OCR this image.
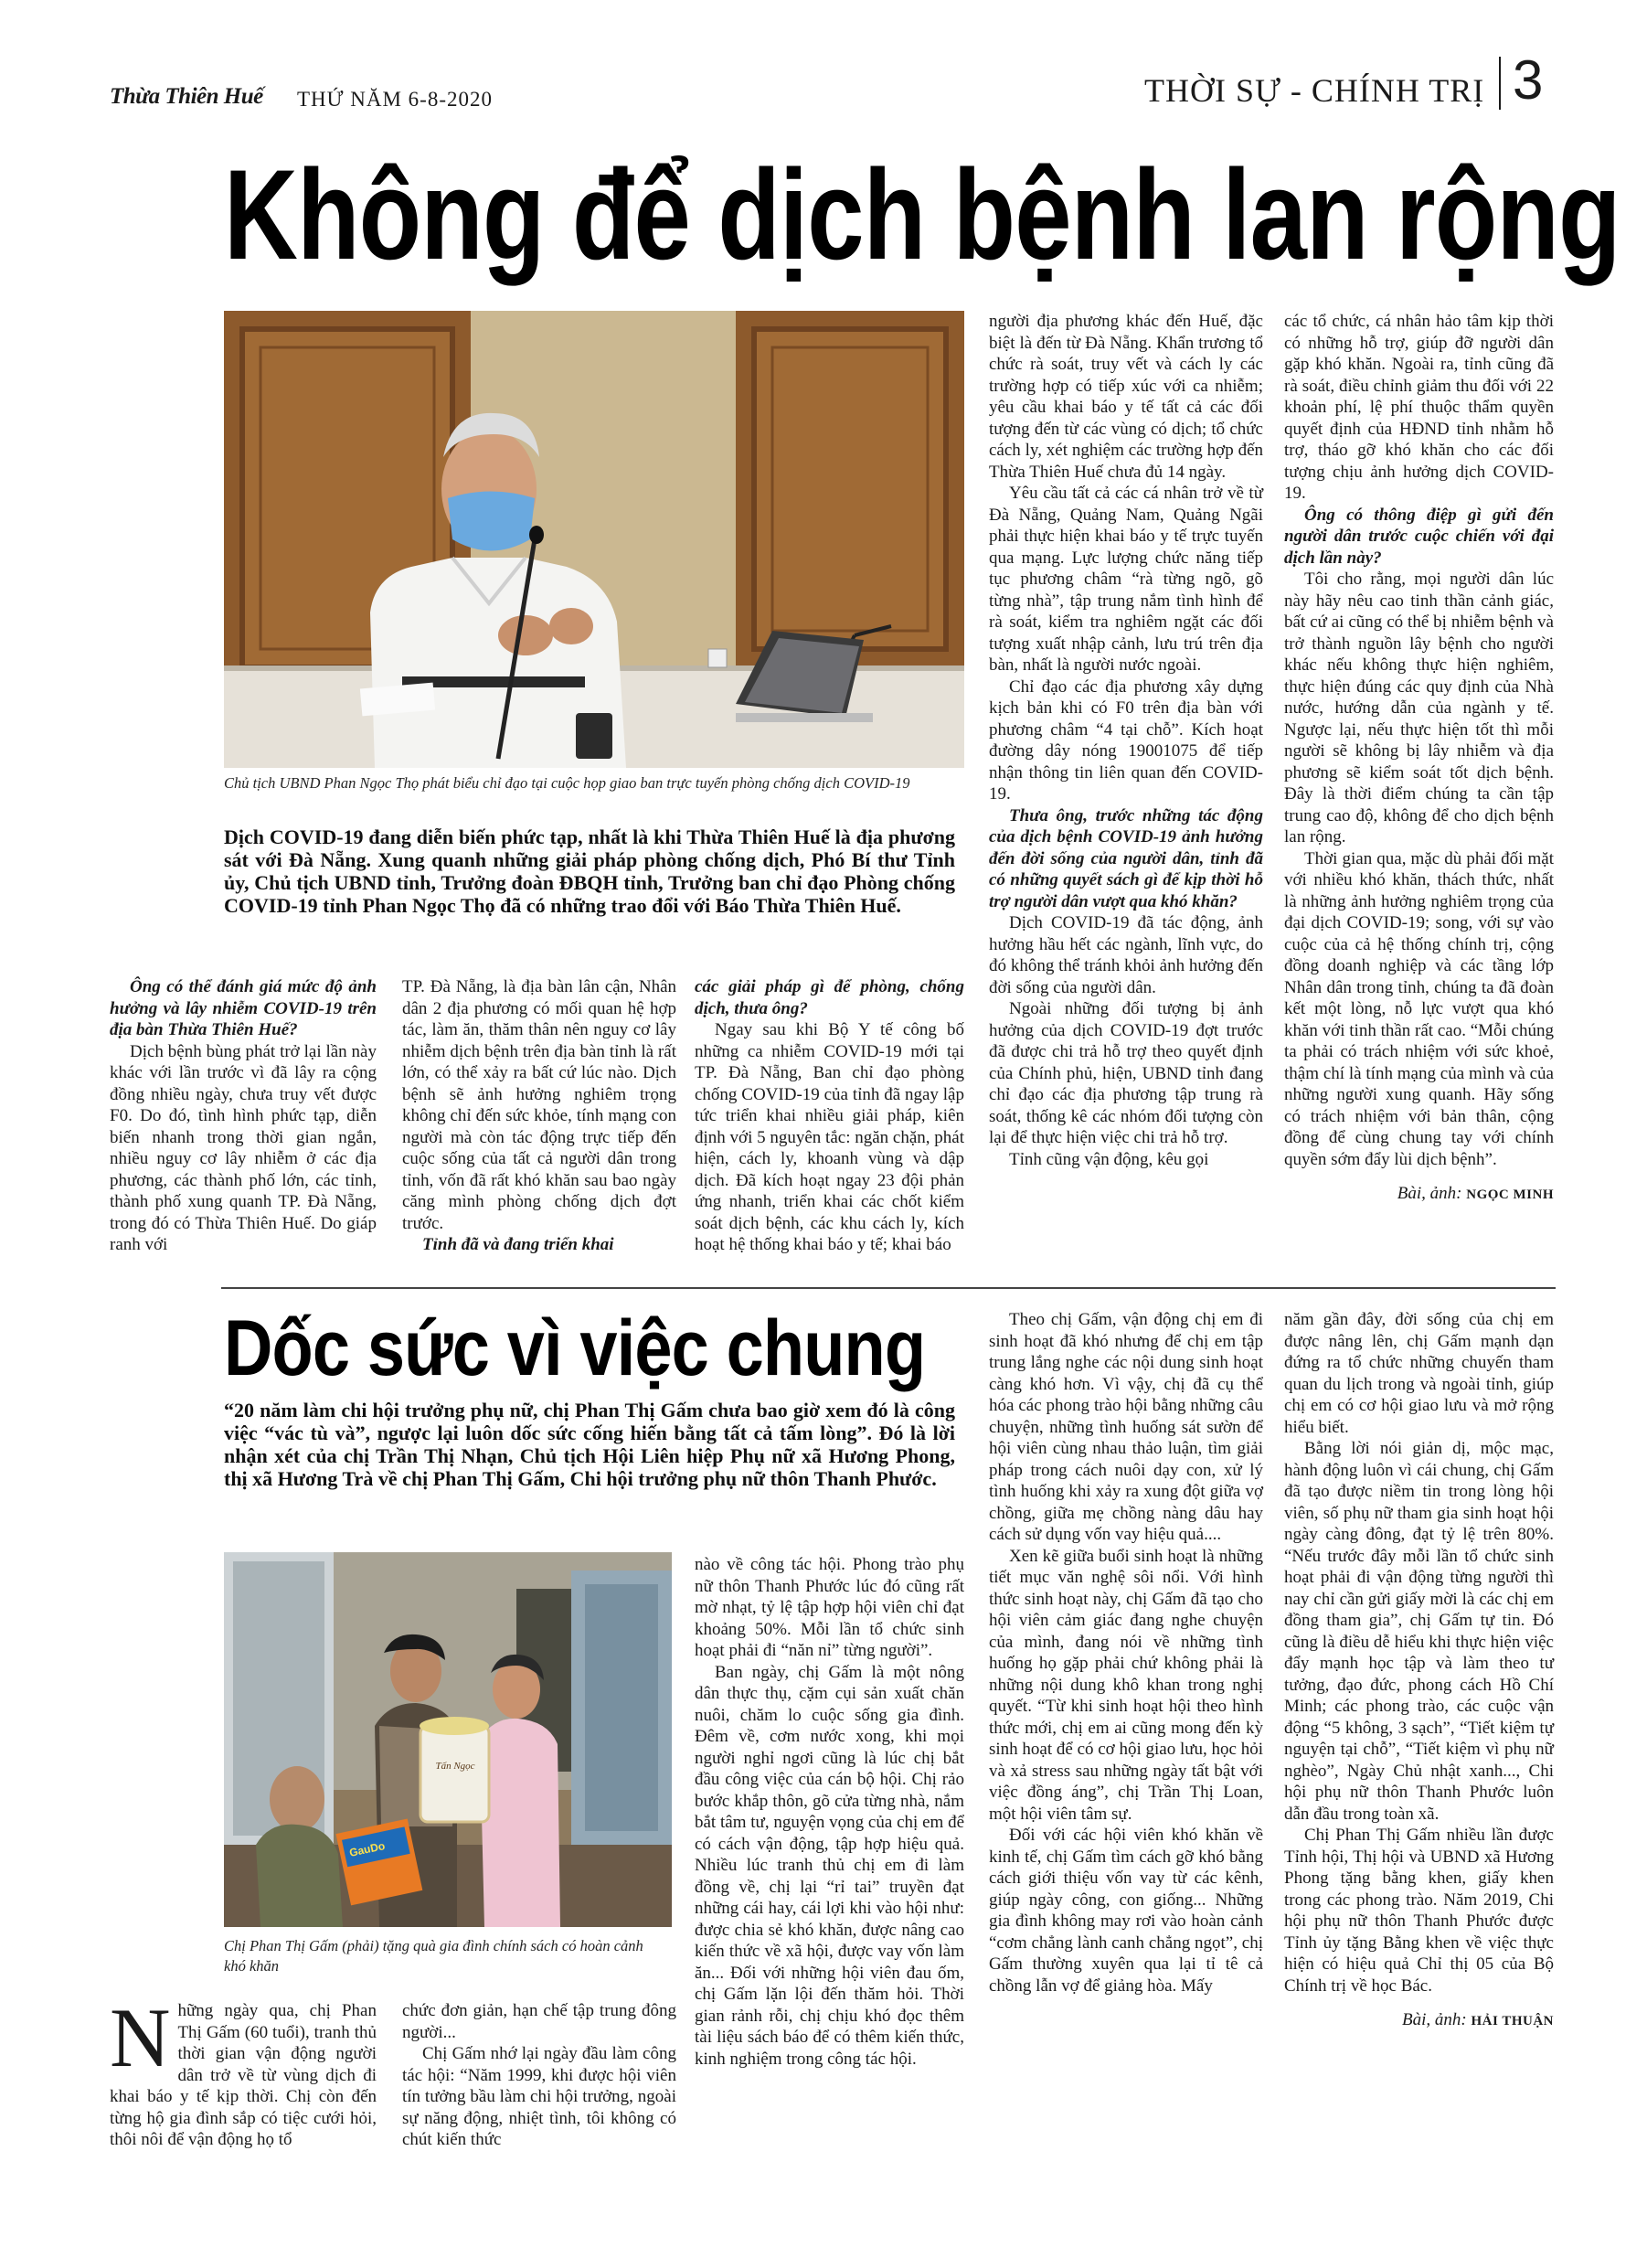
Thừa Thiên Huế THỨ NĂM 6-8-2020	THỜI SỰ - CHÍNH TRỊ 3
Không để dịch bệnh lan rộng
Chủ tịch UBND Phan Ngọc Thọ phát biểu chỉ đạo tại cuộc họp giao ban trực tuyến phòng chống dịch COVID-19
Dịch COVID-19 đang diễn biến phức tạp, nhất là khi Thừa Thiên Huế là địa phương sát với Đà Nẵng. Xung quanh những giải pháp phòng chống dịch, Phó Bí thư Tỉnh ủy, Chủ tịch UBND tỉnh, Trưởng đoàn ĐBQH tỉnh, Trưởng ban chỉ đạo Phòng chống COVID-19 tỉnh Phan Ngọc Thọ đã có những trao đổi với Báo Thừa Thiên Huế.

Ông có thể đánh giá mức độ ảnh hưởng và lây nhiễm COVID-19 trên địa bàn Thừa Thiên Huế?

Dịch bệnh bùng phát trở lại lần này khác với lần trước vì đã lây ra cộng đồng nhiều ngày, chưa truy vết được F0. Do đó, tình hình phức tạp, diễn biến nhanh trong thời gian ngắn, nhiều nguy cơ lây nhiễm ở các địa phương, các thành phố lớn, các tỉnh, thành phố xung quanh TP. Đà Nẵng, trong đó có Thừa Thiên Huế. Do giáp ranh với

TP. Đà Nẵng, là địa bàn lân cận, Nhân dân 2 địa phương có mối quan hệ hợp tác, làm ăn, thăm thân nên nguy cơ lây nhiễm dịch bệnh trên địa bàn tỉnh là rất lớn, có thể xảy ra bất cứ lúc nào. Dịch bệnh sẽ ảnh hưởng nghiêm trọng không chỉ đến sức khỏe, tính mạng con người mà còn tác động trực tiếp đến cuộc sống của tất cả người dân trong tỉnh, vốn đã rất khó khăn sau bao ngày căng mình phòng chống dịch đợt trước.

Tỉnh đã và đang triển khai

các giải pháp gì để phòng, chống dịch, thưa ông?

Ngay sau khi Bộ Y tế công bố những ca nhiễm COVID-19 mới tại TP. Đà Nẵng, Ban chỉ đạo phòng chống COVID-19 của tỉnh đã ngay lập tức triển khai nhiều giải pháp, kiên định với 5 nguyên tắc: ngăn chặn, phát hiện, cách ly, khoanh vùng và dập dịch. Đã kích hoạt ngay 23 đội phản ứng nhanh, triển khai các chốt kiểm soát dịch bệnh, các khu cách ly, kích hoạt hệ thống khai báo y tế; khai báo

người địa phương khác đến Huế, đặc biệt là đến từ Đà Nẵng. Khẩn trương tổ chức rà soát, truy vết và cách ly các trường hợp có tiếp xúc với ca nhiễm; yêu cầu khai báo y tế tất cả các đối tượng đến từ các vùng có dịch; tổ chức cách ly, xét nghiệm các trường hợp đến Thừa Thiên Huế chưa đủ 14 ngày.

Yêu cầu tất cả các cá nhân trở về từ Đà Nẵng, Quảng Nam, Quảng Ngãi phải thực hiện khai báo y tế trực tuyến qua mạng. Lực lượng chức năng tiếp tục phương châm “rà từng ngõ, gõ từng nhà”, tập trung nắm tình hình để rà soát, kiểm tra nghiêm ngặt các đối tượng xuất nhập cảnh, lưu trú trên địa bàn, nhất là người nước ngoài.

Chỉ đạo các địa phương xây dựng kịch bản khi có F0 trên địa bàn với phương châm “4 tại chỗ”. Kích hoạt đường dây nóng 19001075 để tiếp nhận thông tin liên quan đến COVID-19.

Thưa ông, trước những tác động của dịch bệnh COVID-19 ảnh hưởng đến đời sống của người dân, tỉnh đã có những quyết sách gì để kịp thời hỗ trợ người dân vượt qua khó khăn?

Dịch COVID-19 đã tác động, ảnh hưởng hầu hết các ngành, lĩnh vực, do đó không thể tránh khỏi ảnh hưởng đến đời sống của người dân.

Ngoài những đối tượng bị ảnh hưởng của dịch COVID-19 đợt trước đã được chi trả hỗ trợ theo quyết định của Chính phủ, hiện, UBND tỉnh đang chỉ đạo các địa phương tập trung rà soát, thống kê các nhóm đối tượng còn lại để thực hiện việc chi trả hỗ trợ.

Tỉnh cũng vận động, kêu gọi

các tổ chức, cá nhân hảo tâm kịp thời có những hỗ trợ, giúp đỡ người dân gặp khó khăn. Ngoài ra, tỉnh cũng đã rà soát, điều chỉnh giảm thu đối với 22 khoản phí, lệ phí thuộc thẩm quyền quyết định của HĐND tỉnh nhằm hỗ trợ, tháo gỡ khó khăn cho các đối tượng chịu ảnh hưởng dịch COVID-19.

Ông có thông điệp gì gửi đến người dân trước cuộc chiến với đại dịch lần này?

Tôi cho rằng, mọi người dân lúc này hãy nêu cao tinh thần cảnh giác, bất cứ ai cũng có thể bị nhiễm bệnh và trở thành nguồn lây bệnh cho người khác nếu không thực hiện nghiêm, thực hiện đúng các quy định của Nhà nước, hướng dẫn của ngành y tế. Ngược lại, nếu thực hiện tốt thì mỗi người sẽ không bị lây nhiễm và địa phương sẽ kiểm soát tốt dịch bệnh. Đây là thời điểm chúng ta cần tập trung cao độ, không để cho dịch bệnh lan rộng.

Thời gian qua, mặc dù phải đối mặt với nhiều khó khăn, thách thức, nhất là những ảnh hưởng nghiêm trọng của đại dịch COVID-19; song, với sự vào cuộc của cả hệ thống chính trị, cộng đồng doanh nghiệp và các tầng lớp Nhân dân trong tỉnh, chúng ta đã đoàn kết một lòng, nỗ lực vượt qua khó khăn với tinh thần rất cao. “Mỗi chúng ta phải có trách nhiệm với sức khoẻ, thậm chí là tính mạng của mình và của những người xung quanh. Hãy sống có trách nhiệm với bản thân, cộng đồng để cùng chung tay với chính quyền sớm đẩy lùi dịch bệnh”.

Bài, ảnh: NGỌC MINH

Dốc sức vì việc chung
“20 năm làm chi hội trưởng phụ nữ, chị Phan Thị Gấm chưa bao giờ xem đó là công việc “vác tù và”, ngược lại luôn dốc sức cống hiến bằng tất cả tấm lòng”. Đó là lời nhận xét của chị Trần Thị Nhạn, Chủ tịch Hội Liên hiệp Phụ nữ xã Hương Phong, thị xã Hương Trà về chị Phan Thị Gấm, Chi hội trưởng phụ nữ thôn Thanh Phước.
Tấn Ngọc
GauDo
Chị Phan Thị Gấm (phải) tặng quà gia đình chính sách có hoàn cảnh khó khăn

N hững ngày qua, chị Phan Thị Gấm (60 tuổi), tranh thủ thời gian vận động người dân trở về từ vùng dịch đi khai báo y tế kịp thời. Chị còn đến từng hộ gia đình sắp có tiệc cưới hỏi, thôi nôi để vận động họ tổ

chức đơn giản, hạn chế tập trung đông người...

Chị Gấm nhớ lại ngày đầu làm công tác hội: “Năm 1999, khi được hội viên tín tưởng bầu làm chi hội trưởng, ngoài sự năng động, nhiệt tình, tôi không có chút kiến thức

nào về công tác hội. Phong trào phụ nữ thôn Thanh Phước lúc đó cũng rất mờ nhạt, tỷ lệ tập hợp hội viên chỉ đạt khoảng 50%. Mỗi lần tổ chức sinh hoạt phải đi “năn nỉ” từng người”.

Ban ngày, chị Gấm là một nông dân thực thụ, cặm cụi sản xuất chăn nuôi, chăm lo cuộc sống gia đình. Đêm về, cơm nước xong, khi mọi người nghỉ ngơi cũng là lúc chị bắt đầu công việc của cán bộ hội. Chị rảo bước khắp thôn, gõ cửa từng nhà, nắm bắt tâm tư, nguyện vọng của chị em để có cách vận động, tập hợp hiệu quả. Nhiều lúc tranh thủ chị em đi làm đồng về, chị lại “rỉ tai” truyền đạt những cái hay, cái lợi khi vào hội như: được chia sẻ khó khăn, được nâng cao kiến thức về xã hội, được vay vốn làm ăn... Đối với những hội viên đau ốm, chị Gấm lặn lội đến thăm hỏi. Thời gian rảnh rỗi, chị chịu khó đọc thêm tài liệu sách báo để có thêm kiến thức, kinh nghiệm trong công tác hội.

Theo chị Gấm, vận động chị em đi sinh hoạt đã khó nhưng để chị em tập trung lắng nghe các nội dung sinh hoạt càng khó hơn. Vì vậy, chị đã cụ thể hóa các phong trào hội bằng những câu chuyện, những tình huống sát sườn để hội viên cùng nhau thảo luận, tìm giải pháp trong cách nuôi dạy con, xử lý tình huống khi xảy ra xung đột giữa vợ chồng, giữa mẹ chồng nàng dâu hay cách sử dụng vốn vay hiệu quả....

Xen kẽ giữa buổi sinh hoạt là những tiết mục văn nghệ sôi nổi. Với hình thức sinh hoạt này, chị Gấm đã tạo cho hội viên cảm giác đang nghe chuyện của mình, đang nói về những tình huống họ gặp phải chứ không phải là những nội dung khô khan trong nghị quyết. “Từ khi sinh hoạt hội theo hình thức mới, chị em ai cũng mong đến kỳ sinh hoạt để có cơ hội giao lưu, học hỏi và xả stress sau những ngày tất bật với việc đồng áng”, chị Trần Thị Loan, một hội viên tâm sự.

Đối với các hội viên khó khăn về kinh tế, chị Gấm tìm cách gỡ khó bằng cách giới thiệu vốn vay từ các kênh, giúp ngày công, con giống... Những gia đình không may rơi vào hoàn cảnh “cơm chẳng lành canh chẳng ngọt”, chị Gấm thường xuyên qua lại tỉ tê cả chồng lẫn vợ để giảng hòa. Mấy

năm gần đây, đời sống của chị em được nâng lên, chị Gấm mạnh dạn đứng ra tổ chức những chuyến tham quan du lịch trong và ngoài tỉnh, giúp chị em có cơ hội giao lưu và mở rộng hiểu biết.

Bằng lời nói giản dị, mộc mạc, hành động luôn vì cái chung, chị Gấm đã tạo được niềm tin trong lòng hội viên, số phụ nữ tham gia sinh hoạt hội ngày càng đông, đạt tỷ lệ trên 80%. “Nếu trước đây mỗi lần tổ chức sinh hoạt phải đi vận động từng người thì nay chỉ cần gửi giấy mời là các chị em đồng tham gia”, chị Gấm tự tin. Đó cũng là điều dễ hiểu khi thực hiện việc đẩy mạnh học tập và làm theo tư tưởng, đạo đức, phong cách Hồ Chí Minh; các phong trào, các cuộc vận động “5 không, 3 sạch”, “Tiết kiệm tự nguyện tại chỗ”, “Tiết kiệm vì phụ nữ nghèo”, Ngày Chủ nhật xanh..., Chi hội phụ nữ thôn Thanh Phước luôn dẫn đầu trong toàn xã.

Chị Phan Thị Gấm nhiều lần được Tỉnh hội, Thị hội và UBND xã Hương Phong tặng bằng khen, giấy khen trong các phong trào. Năm 2019, Chi hội phụ nữ thôn Thanh Phước được Tỉnh ủy tặng Bằng khen về việc thực hiện có hiệu quả Chỉ thị 05 của Bộ Chính trị về học Bác.

Bài, ảnh: HẢI THUẬN
